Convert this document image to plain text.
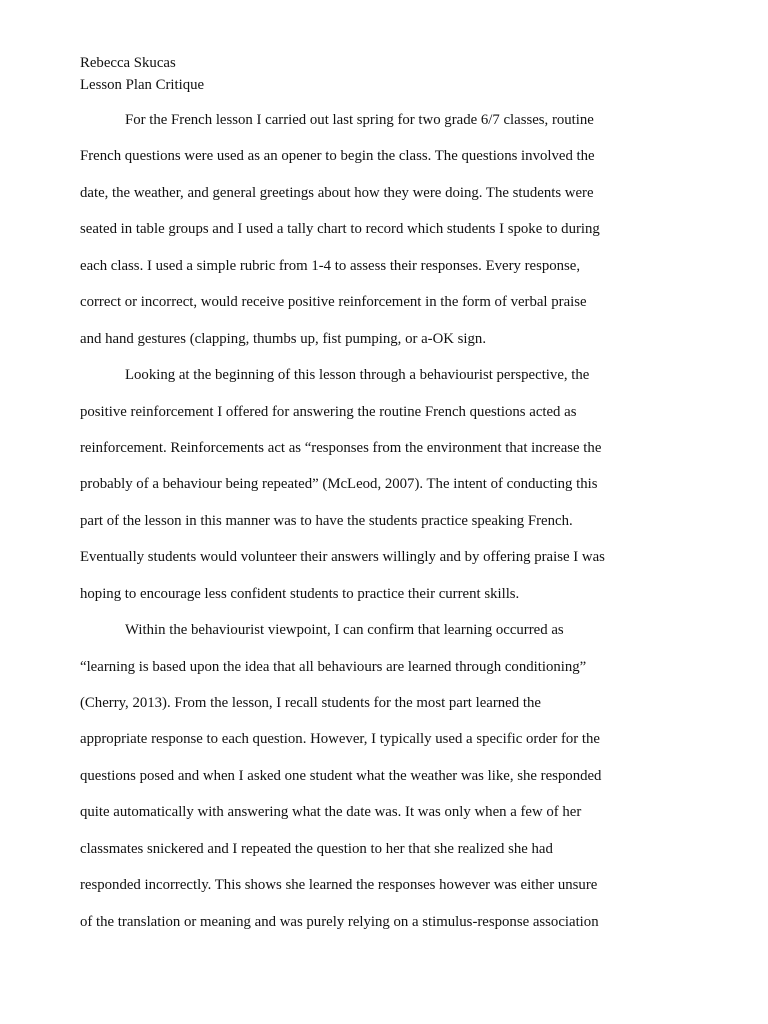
Rebecca Skucas
Lesson Plan Critique
For the French lesson I carried out last spring for two grade 6/7 classes, routine
French questions were used as an opener to begin the class. The questions involved the
date, the weather, and general greetings about how they were doing. The students were
seated in table groups and I used a tally chart to record which students I spoke to during
each class. I used a simple rubric from 1-4 to assess their responses. Every response,
correct or incorrect, would receive positive reinforcement in the form of verbal praise
and hand gestures (clapping, thumbs up, fist pumping, or a-OK sign.
Looking at the beginning of this lesson through a behaviourist perspective, the
positive reinforcement I offered for answering the routine French questions acted as
reinforcement. Reinforcements act as “responses from the environment that increase the
probably of a behaviour being repeated” (McLeod, 2007). The intent of conducting this
part of the lesson in this manner was to have the students practice speaking French.
Eventually students would volunteer their answers willingly and by offering praise I was
hoping to encourage less confident students to practice their current skills.
Within the behaviourist viewpoint, I can confirm that learning occurred as
“learning is based upon the idea that all behaviours are learned through conditioning”
(Cherry, 2013). From the lesson, I recall students for the most part learned the
appropriate response to each question. However, I typically used a specific order for the
questions posed and when I asked one student what the weather was like, she responded
quite automatically with answering what the date was. It was only when a few of her
classmates snickered and I repeated the question to her that she realized she had
responded incorrectly. This shows she learned the responses however was either unsure
of the translation or meaning and was purely relying on a stimulus-response association
